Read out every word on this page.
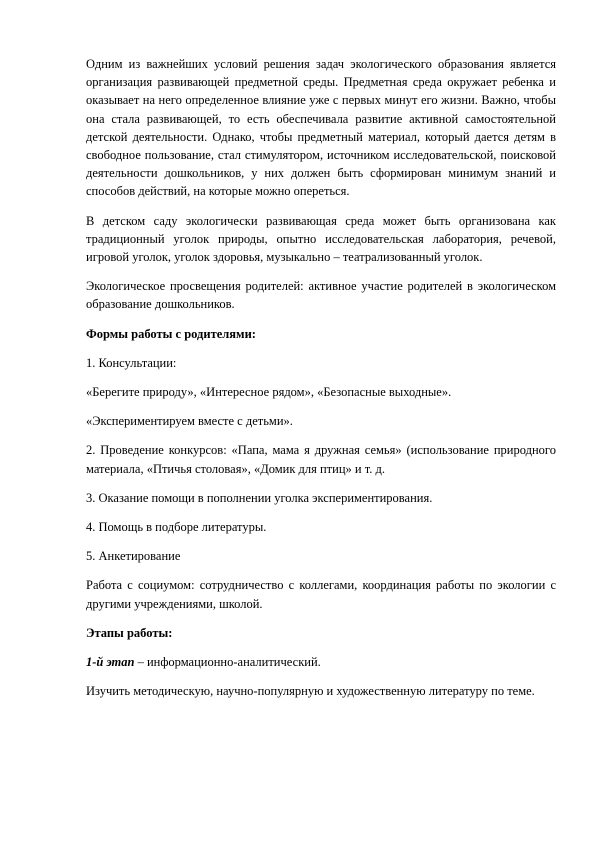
Одним из важнейших условий решения задач экологического образования является организация развивающей предметной среды. Предметная среда окружает ребенка и оказывает на него определенное влияние уже с первых минут его жизни. Важно, чтобы она стала развивающей, то есть обеспечивала развитие активной самостоятельной детской деятельности. Однако, чтобы предметный материал, который дается детям в свободное пользование, стал стимулятором, источником исследовательской, поисковой деятельности дошкольников, у них должен быть сформирован минимум знаний и способов действий, на которые можно опереться.

В детском саду экологически развивающая среда может быть организована как традиционный уголок природы, опытно исследовательская лаборатория, речевой, игровой уголок, уголок здоровья, музыкально – театрализованный уголок.

Экологическое просвещения родителей: активное участие родителей в экологическом образование дошкольников.

Формы работы с родителями:

1. Консультации:

«Берегите природу», «Интересное рядом», «Безопасные выходные».

«Экспериментируем вместе с детьми».

2. Проведение конкурсов: «Папа, мама я дружная семья» (использование природного материала, «Птичья столовая», «Домик для птиц» и т. д.

3. Оказание помощи в пополнении уголка экспериментирования.

4. Помощь в подборе литературы.

5. Анкетирование

Работа с социумом: сотрудничество с коллегами, координация работы по экологии с другими учреждениями, школой.

Этапы работы:

1-й этап – информационно-аналитический.

Изучить методическую, научно-популярную и художественную литературу по теме.
